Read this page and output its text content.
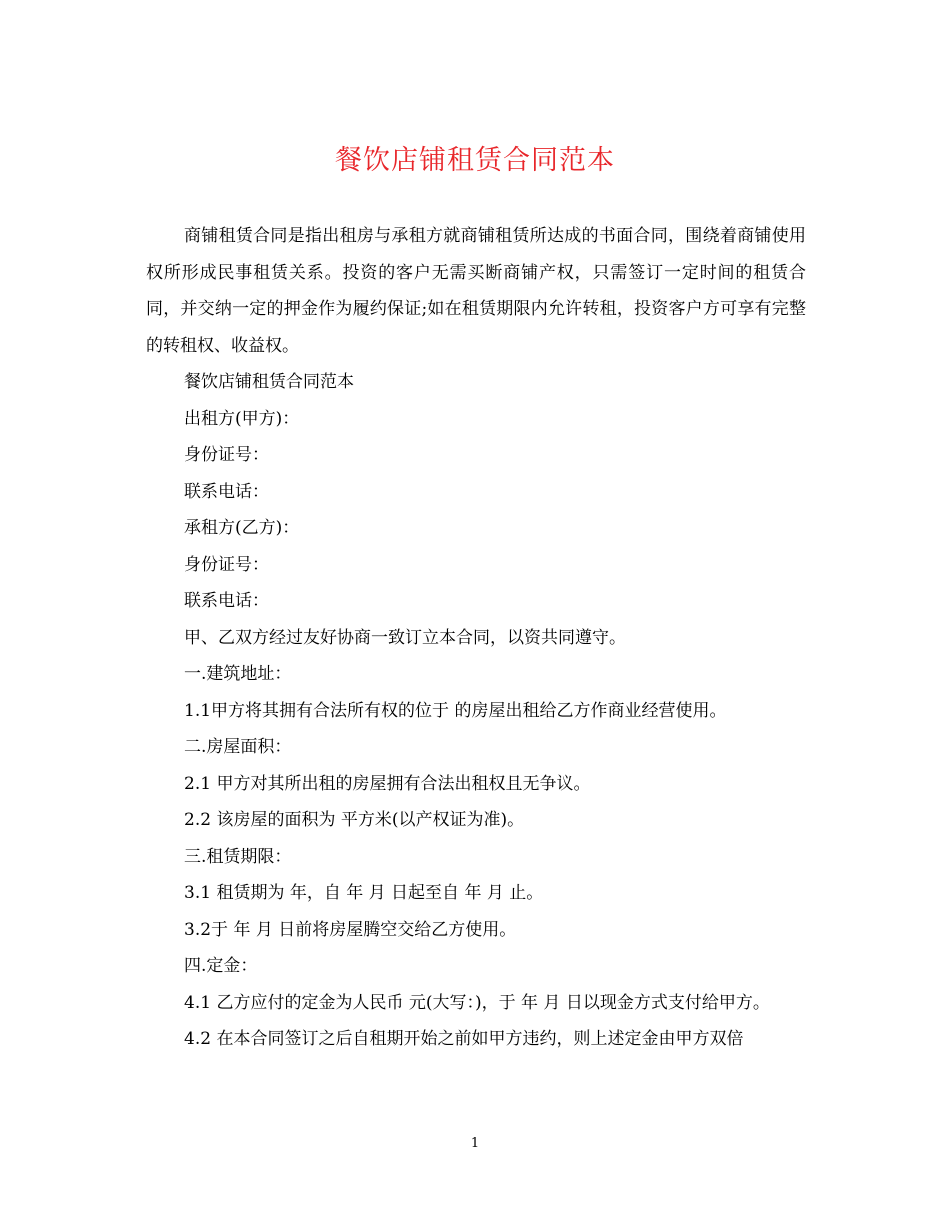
餐饮店铺租赁合同范本

商铺租赁合同是指出租房与承租方就商铺租赁所达成的书面合同，围绕着商铺使用权所形成民事租赁关系。投资的客户无需买断商铺产权，只需签订一定时间的租赁合同，并交纳一定的押金作为履约保证;如在租赁期限内允许转租，投资客户方可享有完整的转租权、收益权。

餐饮店铺租赁合同范本

出租方(甲方)：

身份证号：

联系电话：

承租方(乙方)：

身份证号：

联系电话：

甲、乙双方经过友好协商一致订立本合同，以资共同遵守。

一.建筑地址：

1.1甲方将其拥有合法所有权的位于 的房屋出租给乙方作商业经营使用。

二.房屋面积：

2.1 甲方对其所出租的房屋拥有合法出租权且无争议。

2.2 该房屋的面积为 平方米(以产权证为准)。

三.租赁期限：

3.1 租赁期为 年，自 年 月 日起至自 年 月 止。

3.2于 年 月 日前将房屋腾空交给乙方使用。

四.定金：

4.1 乙方应付的定金为人民币 元(大写：)，于 年 月 日以现金方式支付给甲方。

4.2 在本合同签订之后自租期开始之前如甲方违约，则上述定金由甲方双倍

1
